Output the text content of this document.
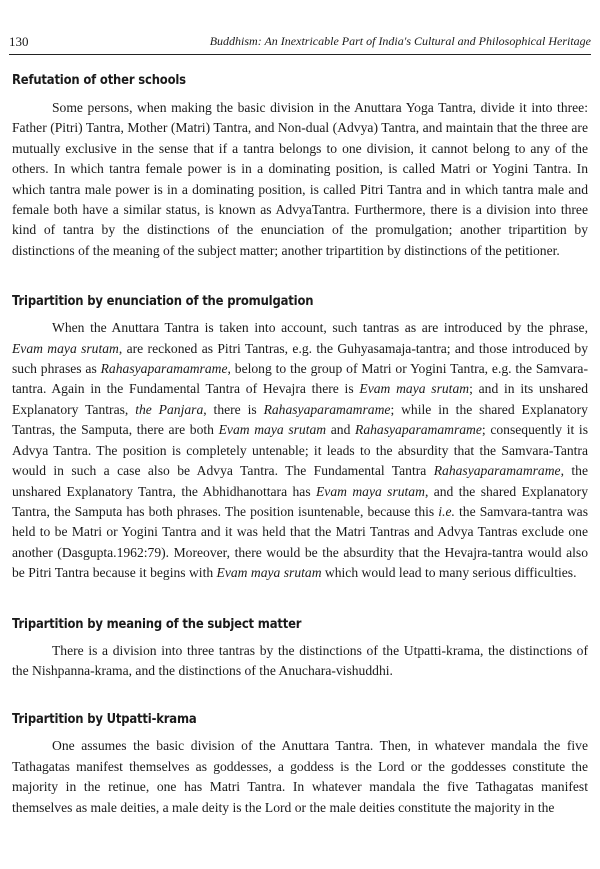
130	Buddhism: An Inextricable Part of India's Cultural and Philosophical Heritage
Refutation of other schools

Some persons, when making the basic division in the Anuttara Yoga Tantra, divide it into three: Father (Pitri) Tantra, Mother (Matri) Tantra, and Non-dual (Advya) Tantra, and maintain that the three are mutually exclusive in the sense that if a tantra belongs to one division, it cannot belong to any of the others. In which tantra female power is in a dominating position, is called Matri or Yogini Tantra. In which tantra male power is in a dominating position, is called Pitri Tantra and in which tantra male and female both have a similar status, is known as AdvyaTantra. Furthermore, there is a division into three kind of tantra by the distinctions of the enunciation of the promulgation; another tripartition by distinctions of the meaning of the subject matter; another tripartition by distinctions of the petitioner.

Tripartition by enunciation of the promulgation

When the Anuttara Tantra is taken into account, such tantras as are introduced by the phrase, Evam maya srutam, are reckoned as Pitri Tantras, e.g. the Guhyasamaja-tantra; and those introduced by such phrases as Rahasyaparamamrame, belong to the group of Matri or Yogini Tantra, e.g. the Samvara-tantra. Again in the Fundamental Tantra of Hevajra there is Evam maya srutam; and in its unshared Explanatory Tantras, the Panjara, there is Rahasyaparamamrame; while in the shared Explanatory Tantras, the Samputa, there are both Evam maya srutam and Rahasyaparamamrame; consequently it is Advya Tantra. The position is completely untenable; it leads to the absurdity that the Samvara-Tantra would in such a case also be Advya Tantra. The Fundamental Tantra Rahasyaparamamrame, the unshared Explanatory Tantra, the Abhidhanottara has Evam maya srutam, and the shared Explanatory Tantra, the Samputa has both phrases. The position isuntenable, because this i.e. the Samvara-tantra was held to be Matri or Yogini Tantra and it was held that the Matri Tantras and Advya Tantras exclude one another (Dasgupta.1962:79). Moreover, there would be the absurdity that the Hevajra-tantra would also be Pitri Tantra because it begins with Evam maya srutam which would lead to many serious difficulties.

Tripartition by meaning of the subject matter

There is a division into three tantras by the distinctions of the Utpatti-krama, the distinctions of the Nishpanna-krama, and the distinctions of the Anuchara-vishuddhi.

Tripartition by Utpatti-krama

One assumes the basic division of the Anuttara Tantra. Then, in whatever mandala the five Tathagatas manifest themselves as goddesses, a goddess is the Lord or the goddesses constitute the majority in the retinue, one has Matri Tantra. In whatever mandala the five Tathagatas manifest themselves as male deities, a male deity is the Lord or the male deities constitute the majority in the
